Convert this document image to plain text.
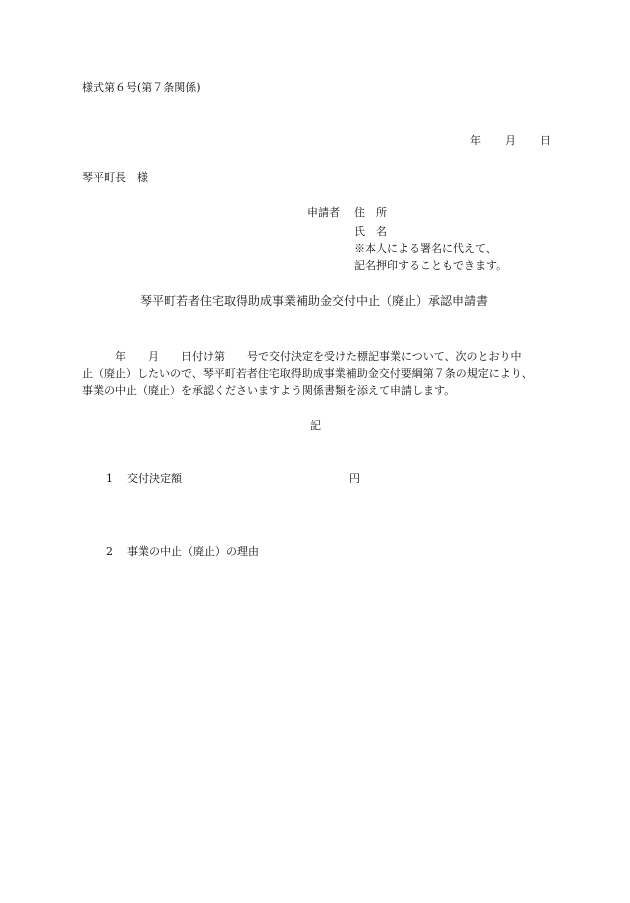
様式第６号(第７条関係)
年 月 日
琴平町長　様
申請者 住　所
氏　名
※本人による署名に代えて、
記名押印することもできます。
琴平町若者住宅取得助成事業補助金交付中止（廃止）承認申請書
　　　年　　月　　日付け第　　号で交付決定を受けた標記事業について、次のとおり中
止（廃止）したいので、琴平町若者住宅取得助成事業補助金交付要綱第７条の規定により、
事業の中止（廃止）を承認くださいますよう関係書類を添えて申請します。
記
1 交付決定額	円
2 事業の中止（廃止）の理由
